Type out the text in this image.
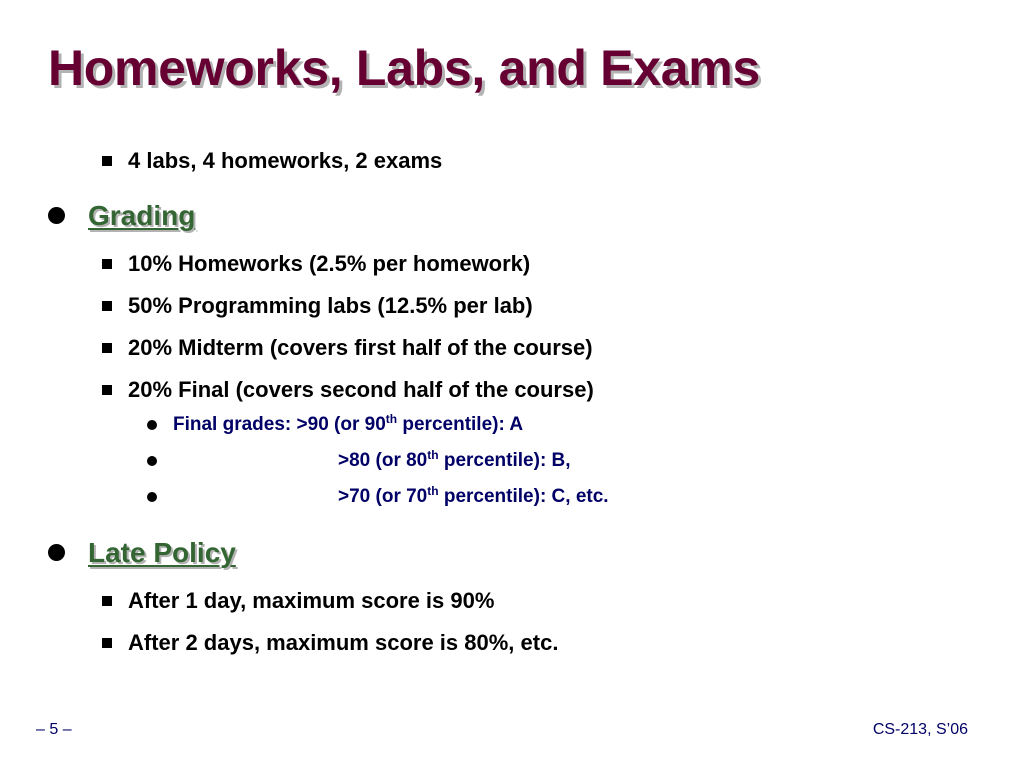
Homeworks, Labs, and Exams
4 labs, 4 homeworks, 2 exams
Grading
10% Homeworks (2.5% per homework)
50% Programming labs (12.5% per lab)
20% Midterm (covers first half of the course)
20% Final (covers second half of the course)
Final grades: >90 (or 90th percentile): A
>80 (or 80th percentile): B,
>70 (or 70th percentile): C, etc.
Late Policy
After 1 day, maximum score is 90%
After 2 days, maximum score is 80%, etc.
– 5 –	CS-213, S’06
